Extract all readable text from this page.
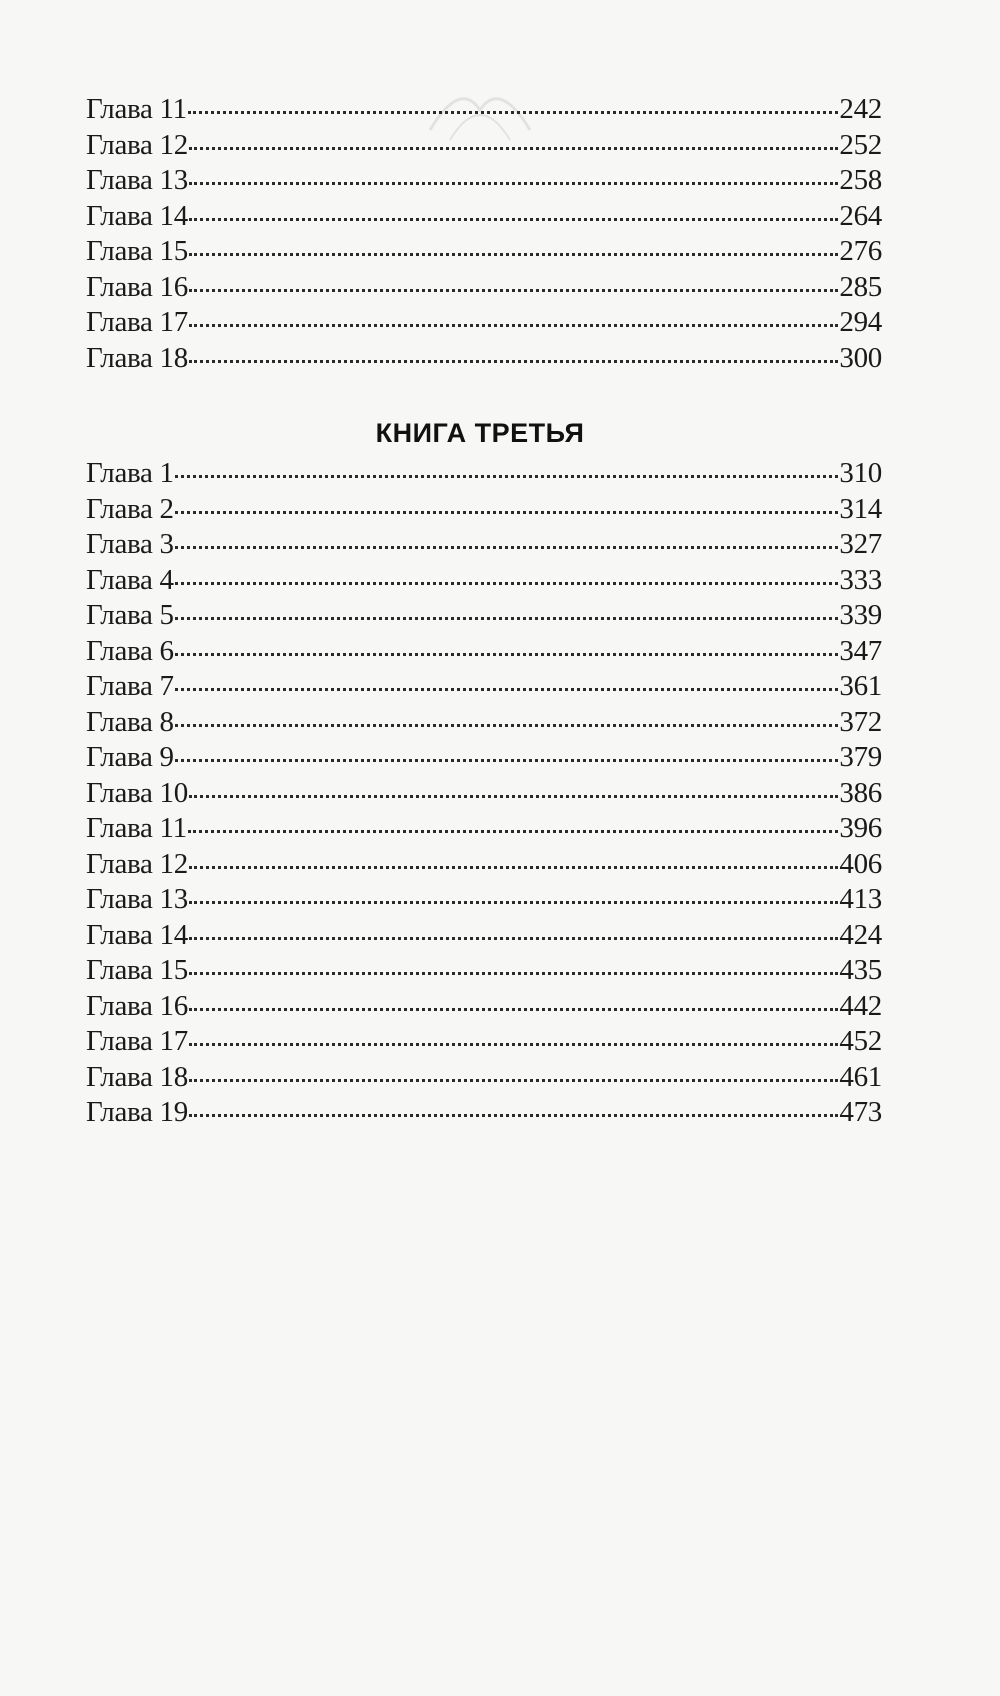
Глава 11	242
Глава 12	252
Глава 13	258
Глава 14	264
Глава 15	276
Глава 16	285
Глава 17	294
Глава 18	300
КНИГА ТРЕТЬЯ
Глава 1	310
Глава 2	314
Глава 3	327
Глава 4	333
Глава 5	339
Глава 6	347
Глава 7	361
Глава 8	372
Глава 9	379
Глава 10	386
Глава 11	396
Глава 12	406
Глава 13	413
Глава 14	424
Глава 15	435
Глава 16	442
Глава 17	452
Глава 18	461
Глава 19	473
